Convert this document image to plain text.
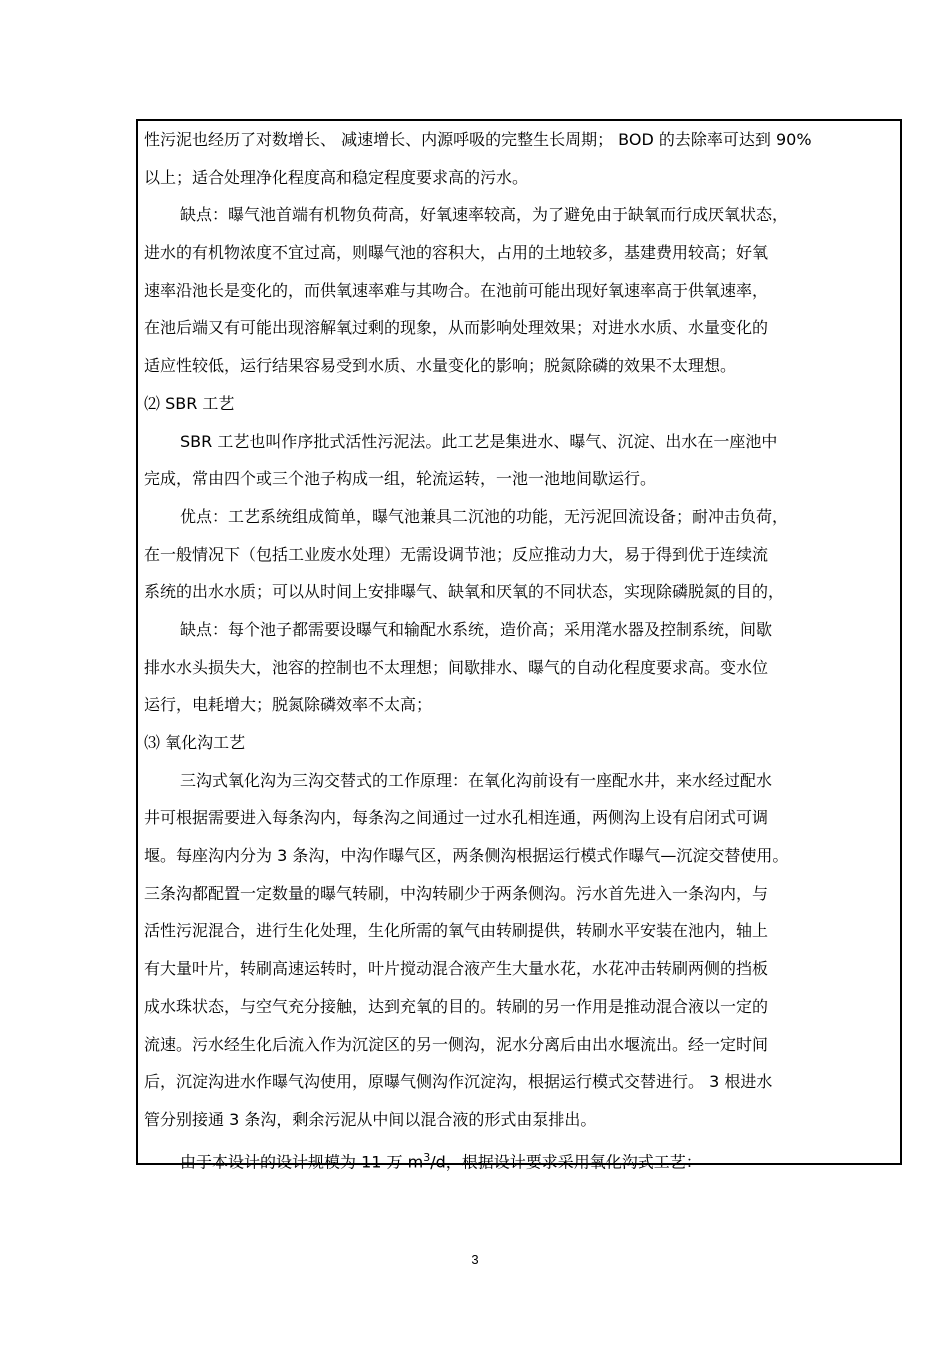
性污泥也经历了对数增长、 减速增长、内源呼吸的完整生长周期； BOD 的去除率可达到 90%
以上；适合处理净化程度高和稳定程度要求高的污水。
缺点：曝气池首端有机物负荷高，好氧速率较高，为了避免由于缺氧而行成厌氧状态，
进水的有机物浓度不宜过高，则曝气池的容积大，占用的土地较多，基建费用较高；好氧
速率沿池长是变化的，而供氧速率难与其吻合。在池前可能出现好氧速率高于供氧速率，
在池后端又有可能出现溶解氧过剩的现象，从而影响处理效果；对进水水质、水量变化的
适应性较低，运行结果容易受到水质、水量变化的影响；脱氮除磷的效果不太理想。
⑵ SBR 工艺
SBR 工艺也叫作序批式活性污泥法。此工艺是集进水、曝气、沉淀、出水在一座池中
完成，常由四个或三个池子构成一组，轮流运转，一池一池地间歇运行。
优点：工艺系统组成简单，曝气池兼具二沉池的功能，无污泥回流设备；耐冲击负荷，
在一般情况下（包括工业废水处理）无需设调节池；反应推动力大，易于得到优于连续流
系统的出水水质；可以从时间上安排曝气、缺氧和厌氧的不同状态，实现除磷脱氮的目的，
缺点：每个池子都需要设曝气和输配水系统，造价高；采用滗水器及控制系统，间歇
排水水头损失大，池容的控制也不太理想；间歇排水、曝气的自动化程度要求高。变水位
运行，电耗增大；脱氮除磷效率不太高；
⑶ 氧化沟工艺
三沟式氧化沟为三沟交替式的工作原理：在氧化沟前设有一座配水井，来水经过配水
井可根据需要进入每条沟内，每条沟之间通过一过水孔相连通，两侧沟上设有启闭式可调
堰。每座沟内分为 3 条沟，中沟作曝气区，两条侧沟根据运行模式作曝气—沉淀交替使用。
三条沟都配置一定数量的曝气转刷，中沟转刷少于两条侧沟。污水首先进入一条沟内，与
活性污泥混合，进行生化处理，生化所需的氧气由转刷提供，转刷水平安装在池内，轴上
有大量叶片，转刷高速运转时，叶片搅动混合液产生大量水花，水花冲击转刷两侧的挡板
成水珠状态，与空气充分接触，达到充氧的目的。转刷的另一作用是推动混合液以一定的
流速。污水经生化后流入作为沉淀区的另一侧沟，泥水分离后由出水堰流出。经一定时间
后，沉淀沟进水作曝气沟使用，原曝气侧沟作沉淀沟，根据运行模式交替进行。 3 根进水
管分别接通 3 条沟，剩余污泥从中间以混合液的形式由泵排出。
由于本设计的设计规模为 11 万 $m^3/d$，根据设计要求采用氧化沟式工艺：
3
